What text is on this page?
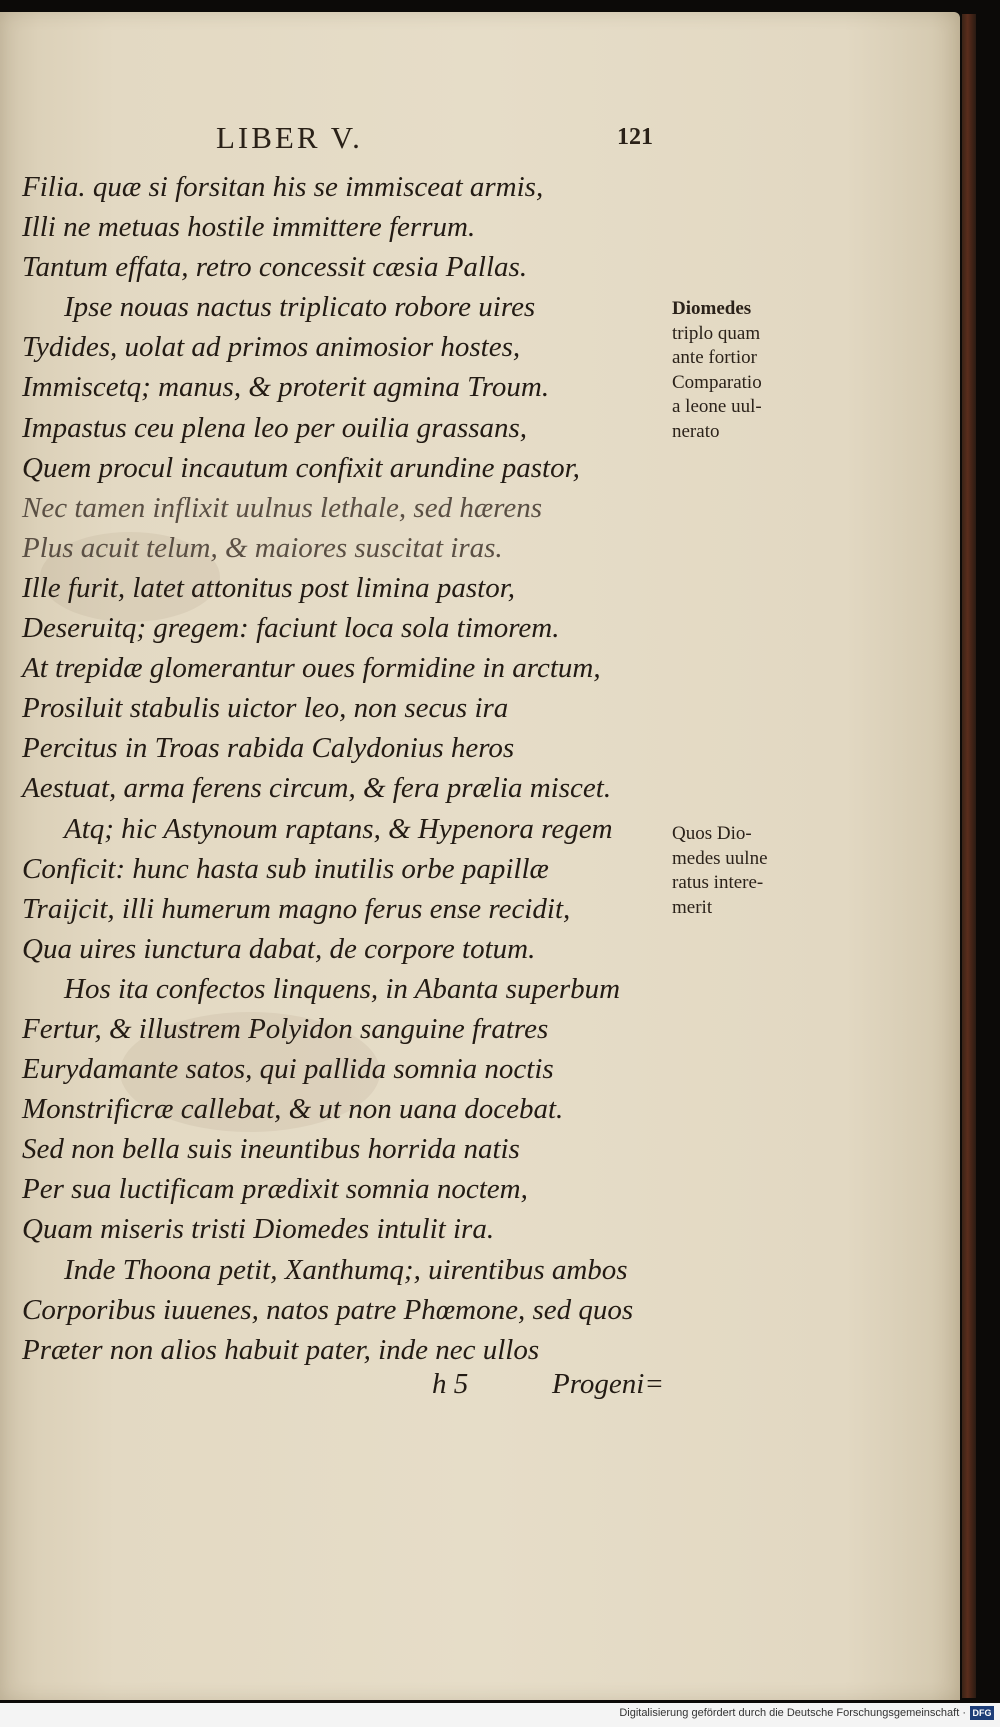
LIBER V.	121
Filia. quæ si forsitan his se immisceat armis,
Illi ne metuas hostile immittere ferrum.
Tantum effata, retro concessit cæsia Pallas.
Ipse nouas nactus triplicato robore uires
Tydides, uolat ad primos animosior hostes,
Immiscetq; manus, & proterit agmina Troum.
Impastus ceu plena leo per ouilia grassans,
Quem procul incautum confixit arundine pastor,
Nec tamen inflixit uulnus lethale, sed hærens
Plus acuit telum, & maiores suscitat iras.
Ille furit, latet attonitus post limina pastor,
Deseruitq; gregem: faciunt loca sola timorem.
At trepidæ glomerantur oues formidine in arctum,
Prosiluit stabulis uictor leo, non secus ira
Percitus in Troas rabida Calydonius heros
Aestuat, arma ferens circum, & fera prælia miscet.
Atq; hic Astynoum raptans, & Hypenora regem
Conficit: hunc hasta sub inutilis orbe papillæ
Traijcit, illi humerum magno ferus ense recidit,
Qua uires iunctura dabat, de corpore totum.
Hos ita confectos linquens, in Abanta superbum
Fertur, & illustrem Polyidon sanguine fratres
Eurydamante satos, qui pallida somnia noctis
Monstrificræ callebat, & ut non uana docebat.
Sed non bella suis ineuntibus horrida natis
Per sua luctificam prædixit somnia noctem,
Quam miseris tristi Diomedes intulit ira.
Inde Thoona petit, Xanthumq;, uirentibus ambos
Corporibus iuuenes, natos patre Phœmone, sed quos
Præter non alios habuit pater, inde nec ullos
h 5	Progeni=
Diomedes
triplo quam
ante fortior
Comparatio
a leone uul-
nerato
Quos Dio-
medes uulne
ratus intere-
merit
Digitalisierung gefördert durch die Deutsche Forschungsgemeinschaft · DFG
